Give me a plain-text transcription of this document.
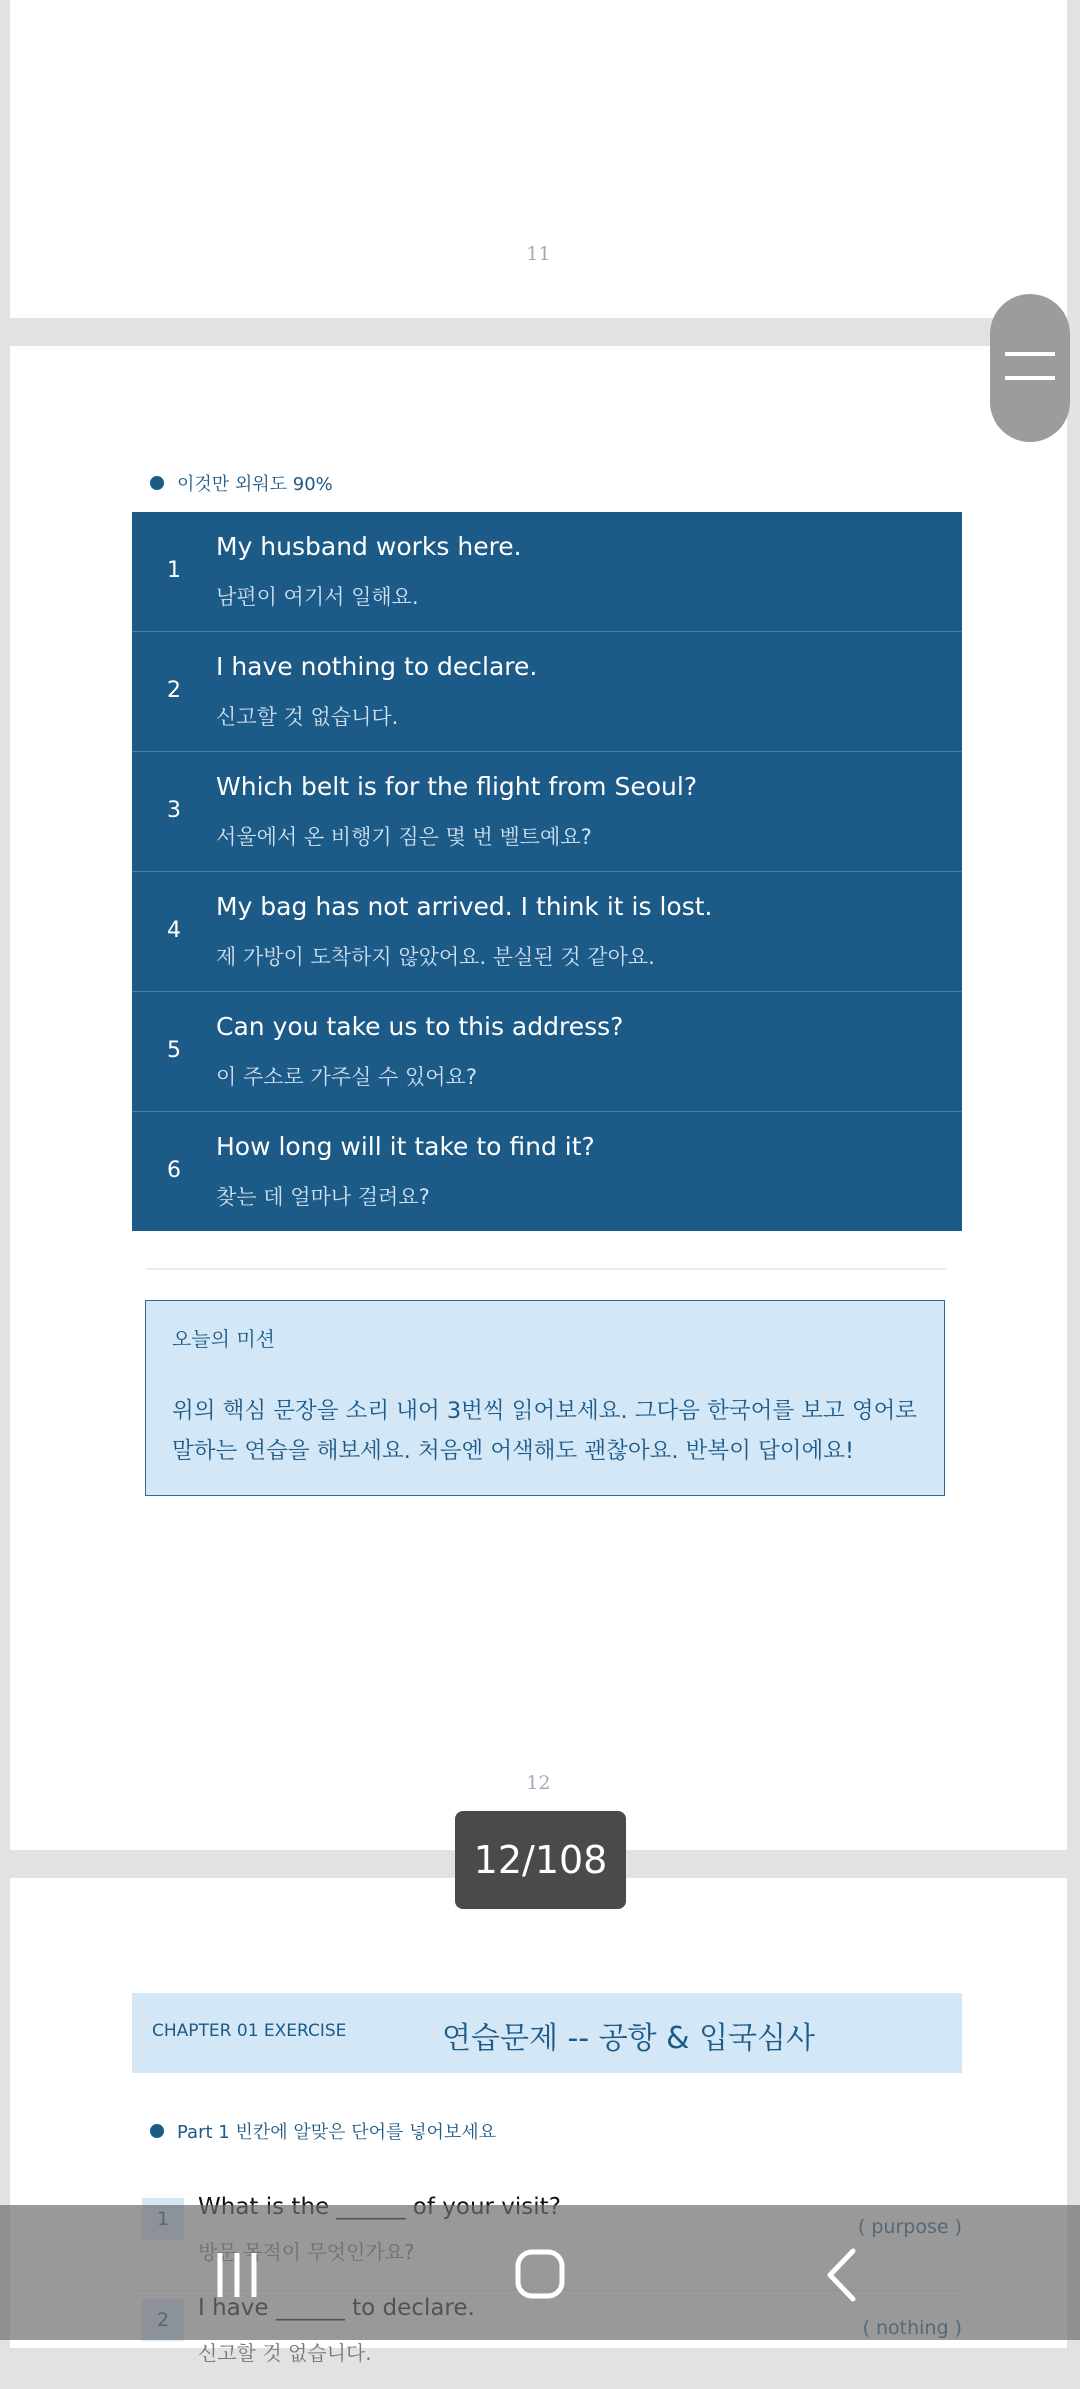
11
이것만 외워도 90%
1
My husband works here.
남편이 여기서 일해요.
2
I have nothing to declare.
신고할 것 없습니다.
3
Which belt is for the flight from Seoul?
서울에서 온 비행기 짐은 몇 번 벨트예요?
4
My bag has not arrived. I think it is lost.
제 가방이 도착하지 않았어요. 분실된 것 같아요.
5
Can you take us to this address?
이 주소로 가주실 수 있어요?
6
How long will it take to find it?
찾는 데 얼마나 걸려요?
오늘의 미션
위의 핵심 문장을 소리 내어 3번씩 읽어보세요. 그다음 한국어를 보고 영어로 말하는 연습을 해보세요. 처음엔 어색해도 괜찮아요. 반복이 답이에요!
12
CHAPTER 01 EXERCISE	연습문제 -- 공항 & 입국심사
Part 1 빈칸에 알맞은 단어를 넣어보세요
신고할 것 없습니다.
12/108
